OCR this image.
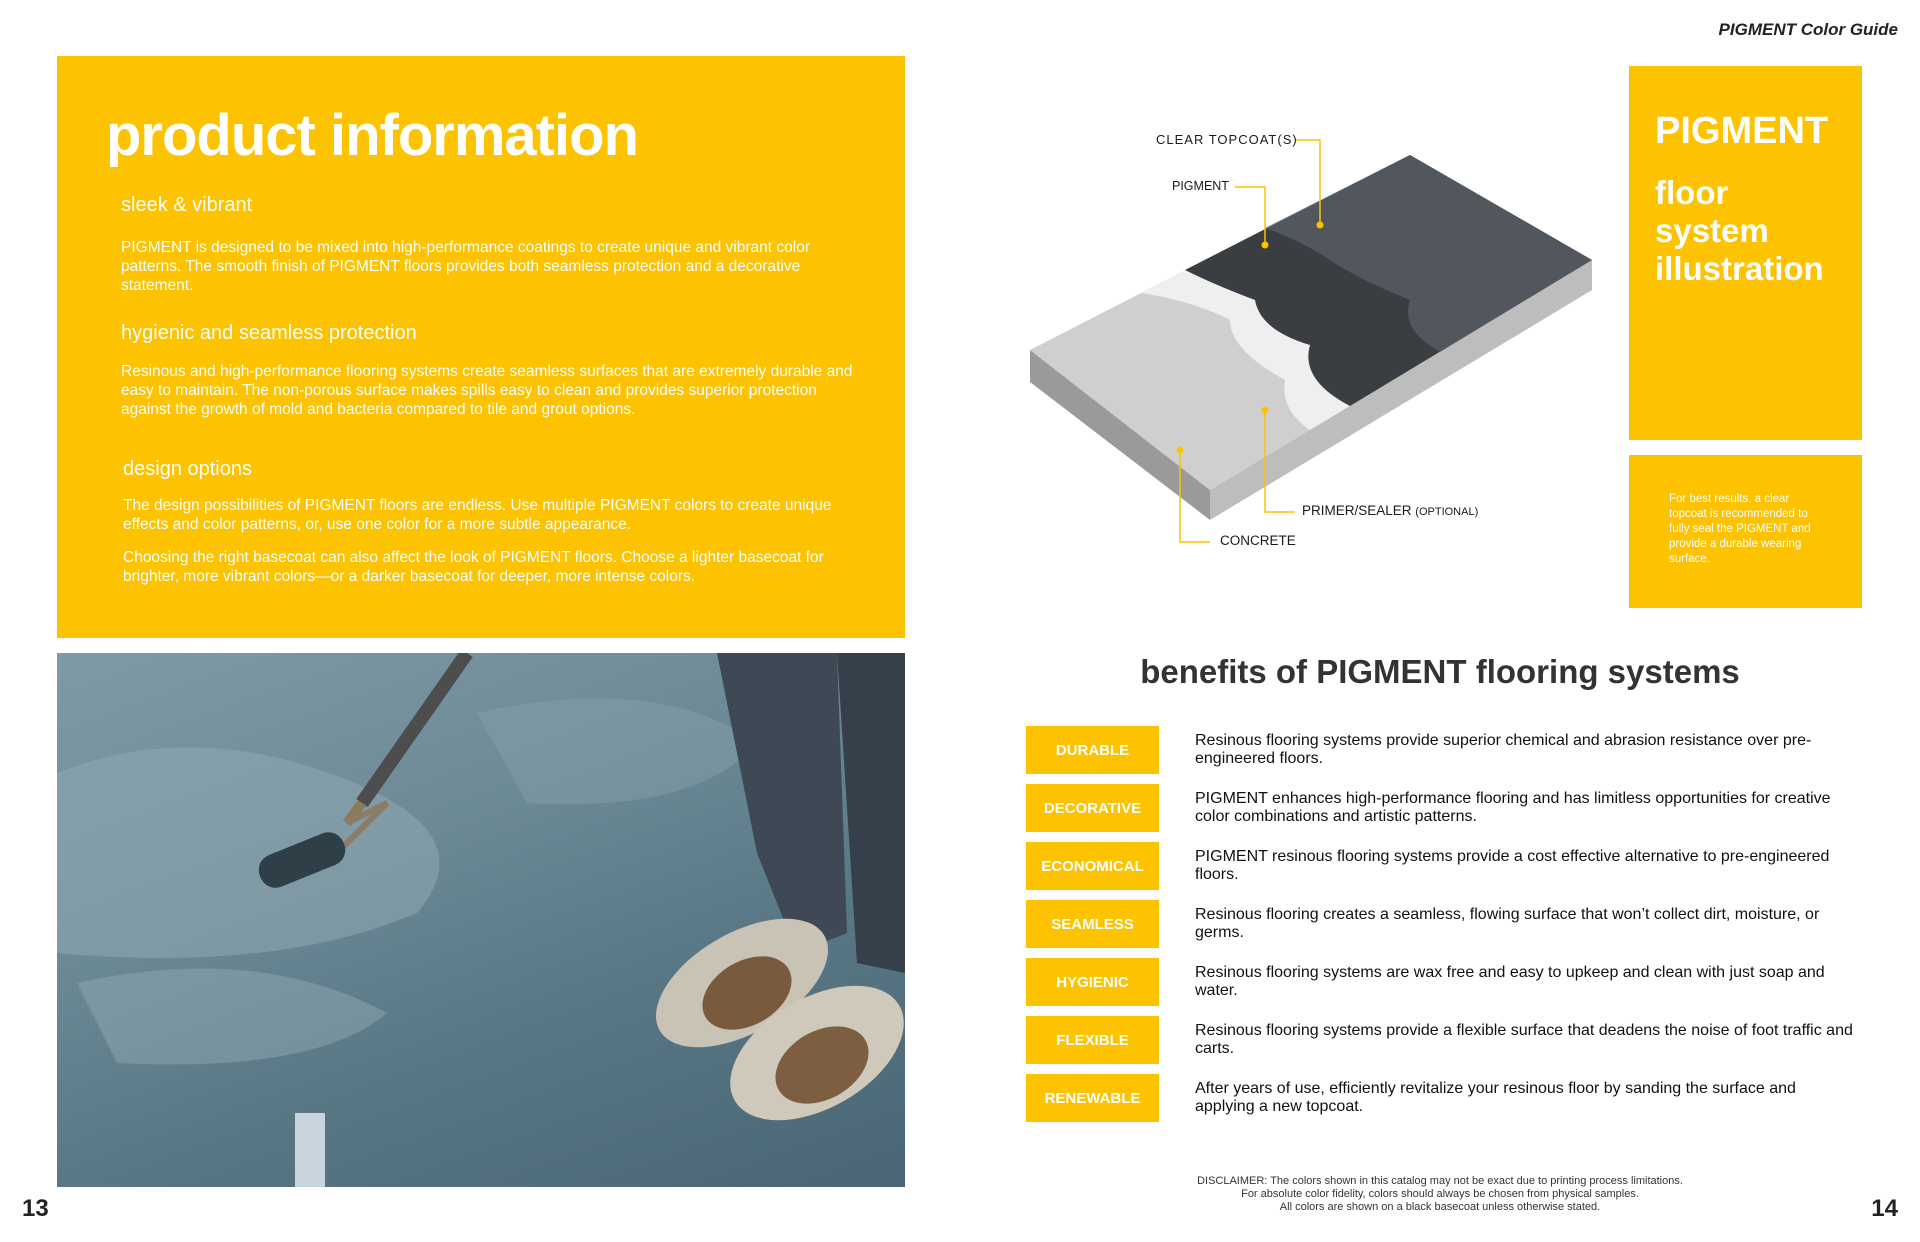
PIGMENT Color Guide
product information
sleek & vibrant

PIGMENT is designed to be mixed into high-performance coatings to create unique and vibrant color patterns. The smooth finish of PIGMENT floors provides both seamless protection and a decorative statement.

hygienic and seamless protection

Resinous and high-performance flooring systems create seamless surfaces that are extremely durable and easy to maintain. The non-porous surface makes spills easy to clean and provides superior protection against the growth of mold and bacteria compared to tile and grout options.

design options

The design possibilities of PIGMENT floors are endless. Use multiple PIGMENT colors to create unique effects and color patterns, or, use one color for a more subtle appearance.

Choosing the right basecoat can also affect the look of PIGMENT floors. Choose a lighter basecoat for brighter, more vibrant colors—or a darker basecoat for deeper, more intense colors.

13	14
CLEAR TOPCOAT(S)
PIGMENT
PRIMER/SEALER (OPTIONAL)
CONCRETE
PIGMENT
floor
system
illustration
For best results, a clear topcoat is recommended to fully seal the PIGMENT and provide a durable wearing surface.
benefits of PIGMENT flooring systems
DURABLE
Resinous flooring systems provide superior chemical and abrasion resistance over pre-engineered floors.
DECORATIVE
PIGMENT enhances high-performance flooring and has limitless opportunities for creative color combinations and artistic patterns.
ECONOMICAL
PIGMENT resinous flooring systems provide a cost effective alternative to pre-engineered floors.
SEAMLESS
Resinous flooring creates a seamless, flowing surface that won’t collect dirt, moisture, or germs.
HYGIENIC
Resinous flooring systems are wax free and easy to upkeep and clean with just soap and water.
FLEXIBLE
Resinous flooring systems provide a flexible surface that deadens the noise of foot traffic and carts.
RENEWABLE
After years of use, efficiently revitalize your resinous floor by sanding the surface and applying a new topcoat.
DISCLAIMER: The colors shown in this catalog may not be exact due to printing process limitations.
For absolute color fidelity, colors should always be chosen from physical samples.
All colors are shown on a black basecoat unless otherwise stated.
